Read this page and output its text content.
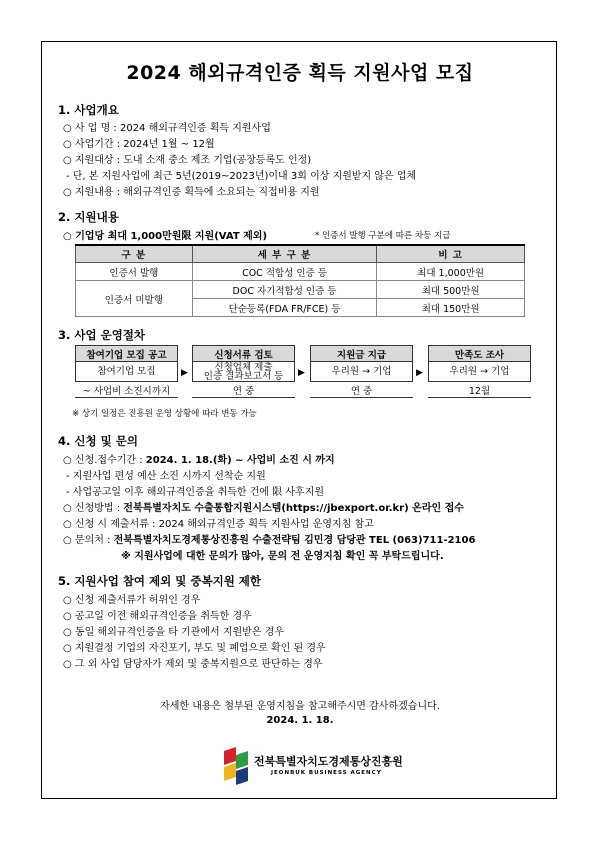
2024 해외규격인증 획득 지원사업 모집
1. 사업개요
○ 사 업 명 : 2024 해외규격인증 획득 지원사업
○ 사업기간 : 2024년 1월 ~ 12월
○ 지원대상 : 도내 소재 중소 제조 기업(공장등록도 인정)
- 단, 본 지원사업에 최근 5년(2019~2023년)이내 3회 이상 지원받지 않은 업체
○ 지원내용 : 해외규격인증 획득에 소요되는 직접비용 지원
2. 지원내용
○ 기업당 최대 1,000만원限 지원(VAT 제외)	* 인증서 발행 구분에 따른 차등 지급
구 분	세 부 구 분	비 고
인증서 발행	COC 적합성 인증 등	최대 1,000만원
인증서 미발행	DOC 자기적합성 인증 등	최대 500만원
	단순등록(FDA FR/FCE) 등	최대 150만원
3. 사업 운영절차
참여기업 모집 공고
참여기업 모집
~ 사업비 소진시까지
▶
신청서류 검토
신청업체 제출
인증 결과보고서 등
연 중
▶
지원금 지급
우리원 → 기업
연 중
▶
만족도 조사
우리원 → 기업
12월
※ 상기 일정은 진흥원 운영 상황에 따라 변동 가능
4. 신청 및 문의
○ 신청.접수기간 : 2024. 1. 18.(화) ~ 사업비 소진 시 까지
- 지원사업 편성 예산 소진 시까지 선착순 지원
- 사업공고일 이후 해외규격인증을 취득한 건에 限 사후지원
○ 신청방법 : 전북특별자치도 수출통합지원시스템(https://jbexport.or.kr) 온라인 접수
○ 신청 시 제출서류 : 2024 해외규격인증 획득 지원사업 운영지침 참고
○ 문의처 : 전북특별자치도경제통상진흥원 수출전략팀 김민경 담당관 TEL (063)711-2106
※ 지원사업에 대한 문의가 많아, 문의 전 운영지침 확인 꼭 부탁드립니다.
5. 지원사업 참여 제외 및 중복지원 제한
○ 신청 제출서류가 허위인 경우
○ 공고일 이전 해외규격인증을 취득한 경우
○ 동일 해외규격인증을 타 기관에서 지원받은 경우
○ 지원결정 기업의 자진포기, 부도 및 폐업으로 확인 된 경우
○ 그 외 사업 담당자가 제외 및 중복지원으로 판단하는 경우
자세한 내용은 첨부된 운영지침을 참고해주시면 감사하겠습니다.
2024. 1. 18.
전북특별자치도경제통상진흥원
JEONBUK BUSINESS AGENCY
